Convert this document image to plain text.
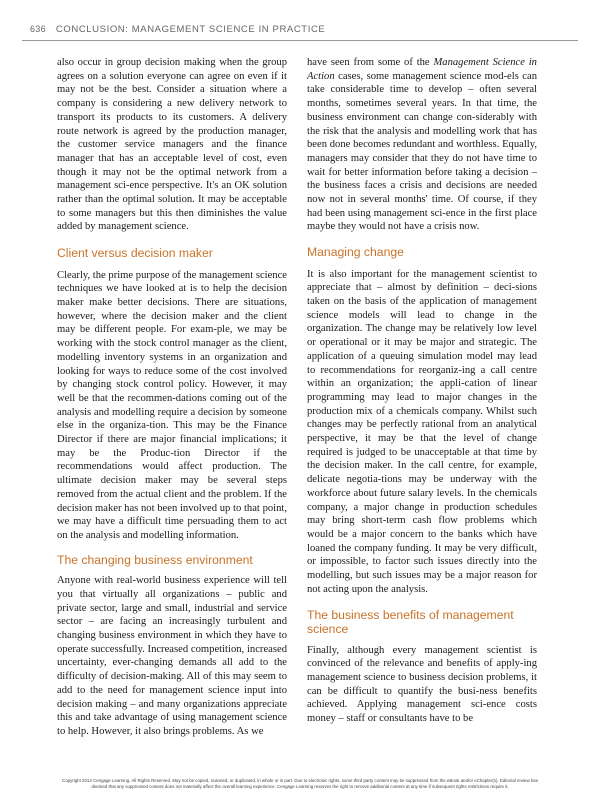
636 CONCLUSION: MANAGEMENT SCIENCE IN PRACTICE

also occur in group decision making when the group agrees on a solution everyone can agree on even if it may not be the best. Consider a situation where a company is considering a new delivery network to transport its products to its customers. A delivery route network is agreed by the production manager, the customer service managers and the finance manager that has an acceptable level of cost, even though it may not be the optimal network from a management sci-ence perspective. It's an OK solution rather than the optimal solution. It may be acceptable to some managers but this then diminishes the value added by management science.

Client versus decision maker

Clearly, the prime purpose of the management science techniques we have looked at is to help the decision maker make better decisions. There are situations, however, where the decision maker and the client may be different people. For exam-ple, we may be working with the stock control manager as the client, modelling inventory systems in an organization and looking for ways to reduce some of the cost involved by changing stock control policy. However, it may well be that the recommen-dations coming out of the analysis and modelling require a decision by someone else in the organiza-tion. This may be the Finance Director if there are major financial implications; it may be the Produc-tion Director if the recommendations would affect production. The ultimate decision maker may be several steps removed from the actual client and the problem. If the decision maker has not been involved up to that point, we may have a difficult time persuading them to act on the analysis and modelling information.

The changing business environment

Anyone with real-world business experience will tell you that virtually all organizations – public and private sector, large and small, industrial and service sector – are facing an increasingly turbulent and changing business environment in which they have to operate successfully. Increased competition, increased uncertainty, ever-changing demands all add to the difficulty of decision-making. All of this may seem to add to the need for management science input into decision making – and many organizations appreciate this and take advantage of using management science to help. However, it also brings problems. As we

have seen from some of the Management Science in Action cases, some management science mod-els can take considerable time to develop – often several months, sometimes several years. In that time, the business environment can change con-siderably with the risk that the analysis and modelling work that has been done becomes redundant and worthless. Equally, managers may consider that they do not have time to wait for better information before taking a decision – the business faces a crisis and decisions are needed now not in several months' time. Of course, if they had been using management sci-ence in the first place maybe they would not have a crisis now.

Managing change

It is also important for the management scientist to appreciate that – almost by definition – deci-sions taken on the basis of the application of management science models will lead to change in the organization. The change may be relatively low level or operational or it may be major and strategic. The application of a queuing simulation model may lead to recommendations for reorganiz-ing a call centre within an organization; the appli-cation of linear programming may lead to major changes in the production mix of a chemicals company. Whilst such changes may be perfectly rational from an analytical perspective, it may be that the level of change required is judged to be unacceptable at that time by the decision maker. In the call centre, for example, delicate negotia-tions may be underway with the workforce about future salary levels. In the chemicals company, a major change in production schedules may bring short-term cash flow problems which would be a major concern to the banks which have loaned the company funding. It may be very difficult, or impossible, to factor such issues directly into the modelling, but such issues may be a major reason for not acting upon the analysis.

The business benefits of management science

Finally, although every management scientist is convinced of the relevance and benefits of apply-ing management science to business decision problems, it can be difficult to quantify the busi-ness benefits achieved. Applying management sci-ence costs money – staff or consultants have to be

Copyright 2014 Cengage Learning. All Rights Reserved. May not be copied, scanned, or duplicated, in whole or in part. Due to electronic rights, some third party content may be suppressed from the eBook and/or eChapter(s). Editorial review has
deemed that any suppressed content does not materially affect the overall learning experience. Cengage Learning reserves the right to remove additional content at any time if subsequent rights restrictions require it.
